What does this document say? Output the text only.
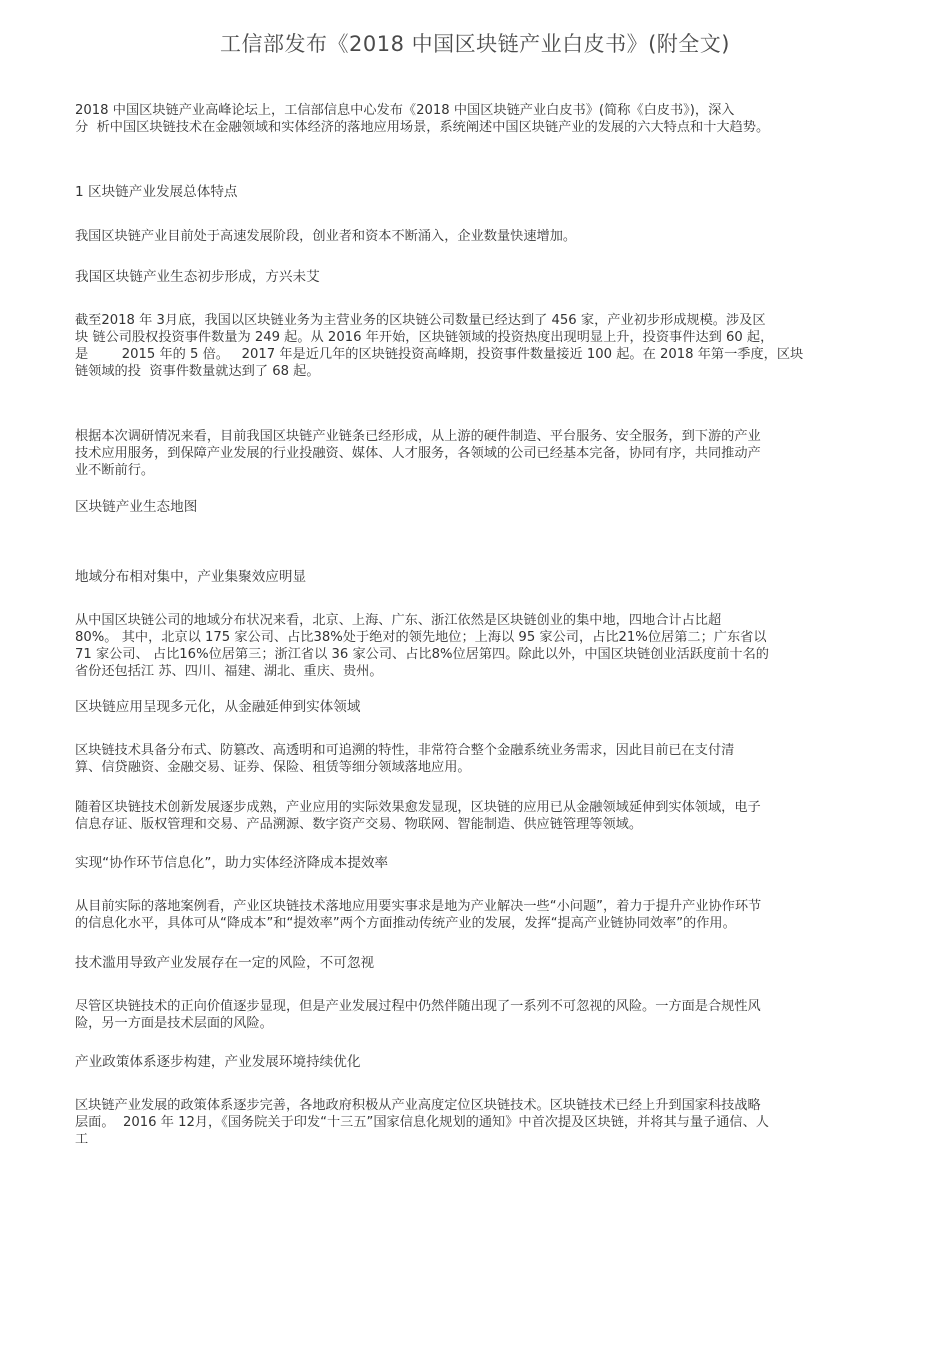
工信部发布《2018 中国区块链产业白皮书》(附全文)
2018 中国区块链产业高峰论坛上，工信部信息中心发布《2018 中国区块链产业白皮书》(简称《白皮书》)，深入
分  析中国区块链技术在金融领域和实体经济的落地应用场景，系统阐述中国区块链产业的发展的六大特点和十大趋势。
1 区块链产业发展总体特点
我国区块链产业目前处于高速发展阶段，创业者和资本不断涌入，企业数量快速增加。
我国区块链产业生态初步形成，方兴未艾
截至2018 年 3月底，我国以区块链业务为主营业务的区块链公司数量已经达到了 456 家，产业初步形成规模。涉及区
块 链公司股权投资事件数量为 249 起。从 2016 年开始，区块链领域的投资热度出现明显上升，投资事件达到 60 起，
是        2015 年的 5 倍。   2017 年是近几年的区块链投资高峰期，投资事件数量接近 100 起。在 2018 年第一季度，区块
链领域的投  资事件数量就达到了 68 起。
根据本次调研情况来看，目前我国区块链产业链条已经形成，从上游的硬件制造、平台服务、安全服务，到下游的产业
技术应用服务，到保障产业发展的行业投融资、媒体、人才服务，各领域的公司已经基本完备，协同有序，共同推动产
业不断前行。
区块链产业生态地图
地域分布相对集中，产业集聚效应明显
从中国区块链公司的地域分布状况来看，北京、上海、广东、浙江依然是区块链创业的集中地，四地合计占比超
80%。 其中，北京以 175 家公司、占比38%处于绝对的领先地位；上海以 95 家公司，占比21%位居第二；广东省以
71 家公司、 占比16%位居第三；浙江省以 36 家公司、占比8%位居第四。除此以外，中国区块链创业活跃度前十名的
省份还包括江 苏、四川、福建、湖北、重庆、贵州。
区块链应用呈现多元化，从金融延伸到实体领域
区块链技术具备分布式、防篡改、高透明和可追溯的特性，非常符合整个金融系统业务需求，因此目前已在支付清
算、信贷融资、金融交易、证券、保险、租赁等细分领域落地应用。
随着区块链技术创新发展逐步成熟，产业应用的实际效果愈发显现，区块链的应用已从金融领域延伸到实体领域，电子
信息存证、版权管理和交易、产品溯源、数字资产交易、物联网、智能制造、供应链管理等领域。
实现“协作环节信息化”，助力实体经济降成本提效率
从目前实际的落地案例看，产业区块链技术落地应用要实事求是地为产业解决一些“小问题”，着力于提升产业协作环节
的信息化水平，具体可从“降成本”和“提效率”两个方面推动传统产业的发展，发挥“提高产业链协同效率”的作用。
技术滥用导致产业发展存在一定的风险，不可忽视
尽管区块链技术的正向价值逐步显现，但是产业发展过程中仍然伴随出现了一系列不可忽视的风险。一方面是合规性风
险，另一方面是技术层面的风险。
产业政策体系逐步构建，产业发展环境持续优化
区块链产业发展的政策体系逐步完善，各地政府积极从产业高度定位区块链技术。区块链技术已经上升到国家科技战略
层面。  2016 年 12月，《国务院关于印发“十三五”国家信息化规划的通知》中首次提及区块链，并将其与量子通信、人
工
